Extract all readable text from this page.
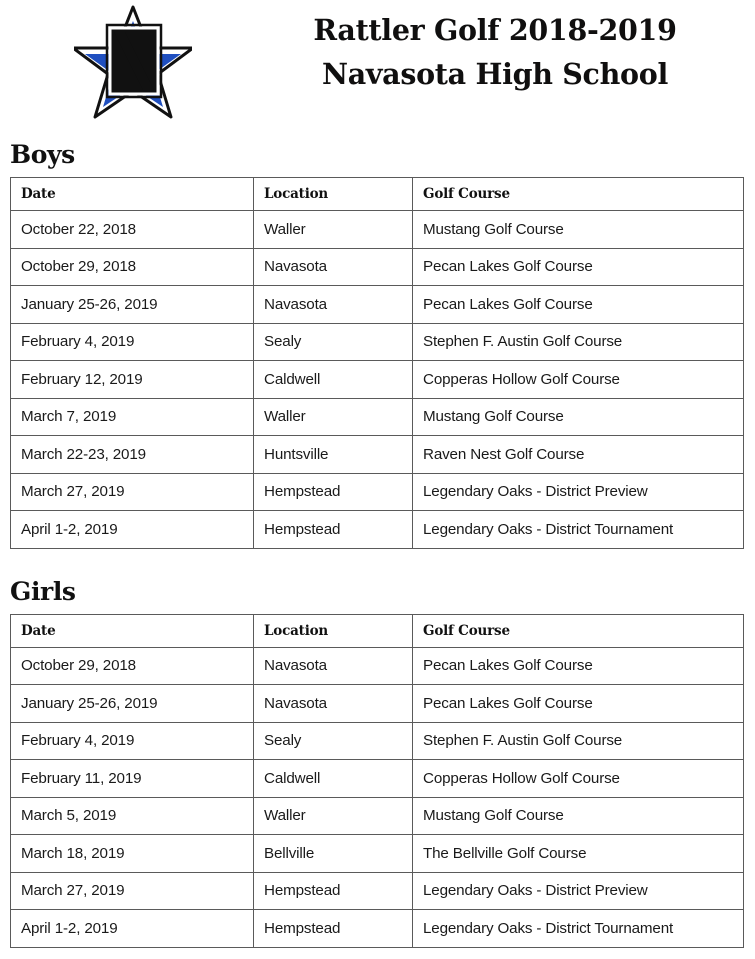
Rattler Golf 2018-2019
Navasota High School
Boys
Date	Location	Golf Course
October 22, 2018	Waller	Mustang Golf Course
October 29, 2018	Navasota	Pecan Lakes Golf Course
January 25-26, 2019	Navasota	Pecan Lakes Golf Course
February 4, 2019	Sealy	Stephen F. Austin Golf Course
February 12, 2019	Caldwell	Copperas Hollow Golf Course
March 7, 2019	Waller	Mustang Golf Course
March 22-23, 2019	Huntsville	Raven Nest Golf Course
March 27, 2019	Hempstead	Legendary Oaks - District Preview
April 1-2, 2019	Hempstead	Legendary Oaks - District Tournament
Girls
Date	Location	Golf Course
October 29, 2018	Navasota	Pecan Lakes Golf Course
January 25-26, 2019	Navasota	Pecan Lakes Golf Course
February 4, 2019	Sealy	Stephen F. Austin Golf Course
February 11, 2019	Caldwell	Copperas Hollow Golf Course
March 5, 2019	Waller	Mustang Golf Course
March 18, 2019	Bellville	The Bellville Golf Course
March 27, 2019	Hempstead	Legendary Oaks - District Preview
April 1-2, 2019	Hempstead	Legendary Oaks - District Tournament
